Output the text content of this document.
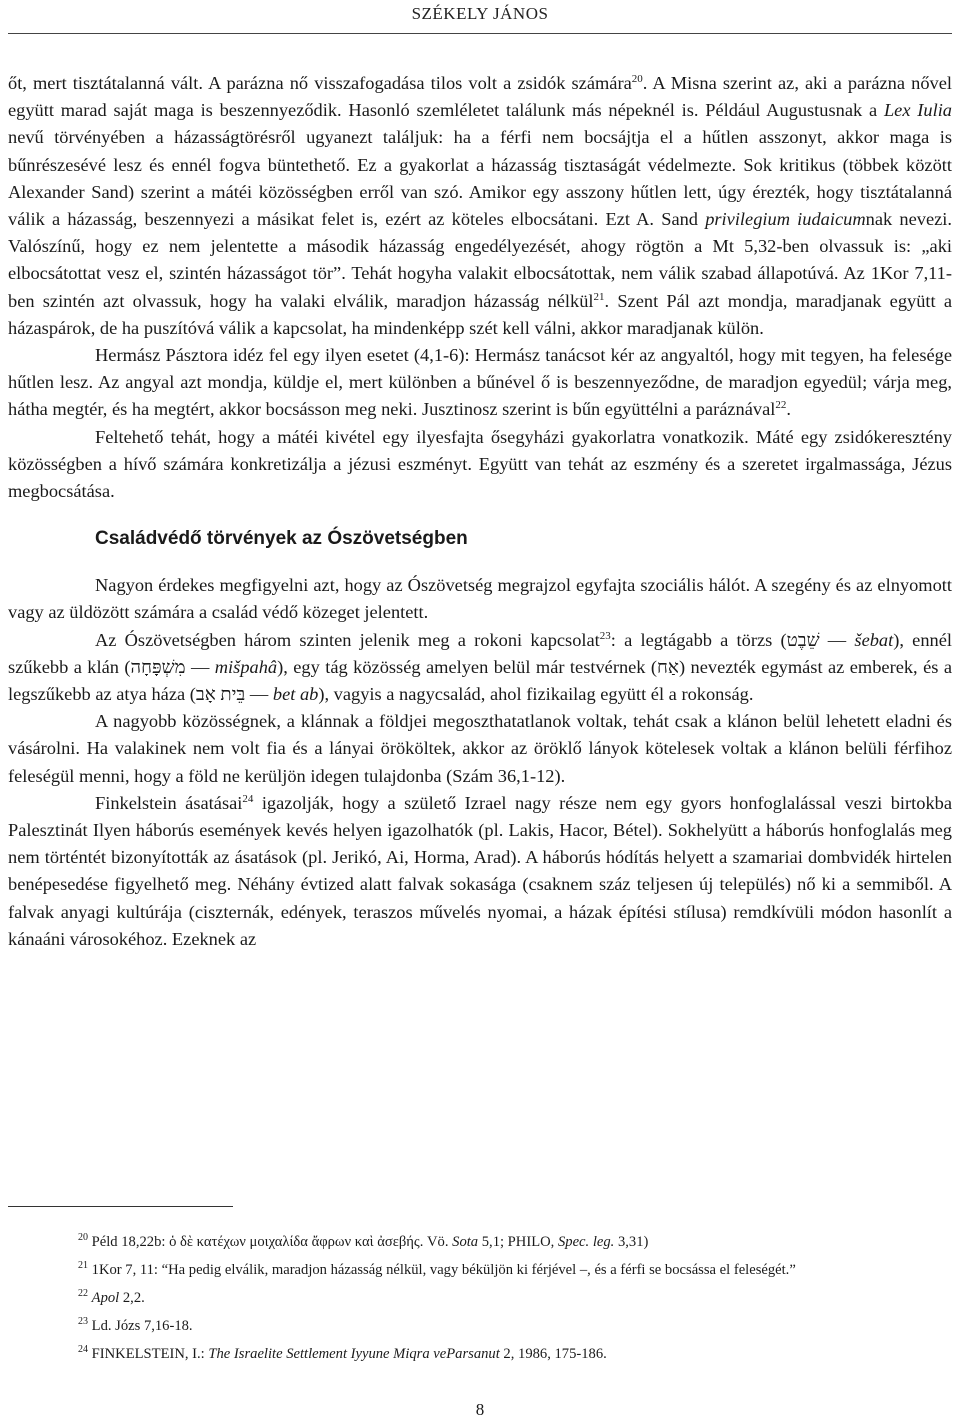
SZÉKELY JÁNOS

őt, mert tisztátalanná vált. A parázna nő visszafogadása tilos volt a zsidók számára$^{20}$. A Misna szerint az, aki a parázna nővel együtt marad saját maga is beszennyeződik. Hasonló szemléletet találunk más népeknél is. Például Augustusnak a Lex Iulia nevű törvényében a házasságtörésről ugyanezt találjuk: ha a férfi nem bocsájtja el a hűtlen asszonyt, akkor maga is bűnrészesévé lesz és ennél fogva büntethető. Ez a gyakorlat a házasság tisztaságát védelmezte. Sok kritikus (többek között Alexander Sand) szerint a mátéi közösségben erről van szó. Amikor egy asszony hűtlen lett, úgy érezték, hogy tisztátalanná válik a házasság, beszennyezi a másikat felet is, ezért az köteles elbocsátani. Ezt A. Sand privilegium iudaicumnak nevezi. Valószínű, hogy ez nem jelentette a második házasság engedélyezését, ahogy rögtön a Mt 5,32-ben olvassuk is: „aki elbocsátottat vesz el, szintén házasságot tör”. Tehát hogyha valakit elbocsátottak, nem válik szabad állapotúvá. Az 1Kor 7,11-ben szintén azt olvassuk, hogy ha valaki elválik, maradjon házasság nélkül$^{21}$. Szent Pál azt mondja, maradjanak együtt a házaspárok, de ha puszítóvá válik a kapcsolat, ha mindenképp szét kell válni, akkor maradjanak külön.

Hermász Pásztora idéz fel egy ilyen esetet (4,1-6): Hermász tanácsot kér az angyaltól, hogy mit tegyen, ha felesége hűtlen lesz. Az angyal azt mondja, küldje el, mert különben a bűnével ő is beszennyeződne, de maradjon egyedül; várja meg, hátha megtér, és ha megtért, akkor bocsásson meg neki. Jusztinosz szerint is bűn együttélni a paráznával$^{22}$.

Feltehető tehát, hogy a mátéi kivétel egy ilyesfajta ősegyházi gyakorlatra vonatkozik. Máté egy zsidókeresztény közösségben a hívő számára konkretizálja a jézusi eszményt. Együtt van tehát az eszmény és a szeretet irgalmassága, Jézus megbocsátása.

Családvédő törvények az Ószövetségben

Nagyon érdekes megfigyelni azt, hogy az Ószövetség megrajzol egyfajta szociális hálót. A szegény és az elnyomott vagy az üldözött számára a család védő közeget jelentett.

Az Ószövetségben három szinten jelenik meg a rokoni kapcsolat$^{23}$: a legtágabb a törzs (שֵׁבֶט — šebat), ennél szűkebb a klán (מִשְׁפָּחָה — mišpahâ), egy tág közösség amelyen belül már testvérnek (אַח) nevezték egymást az emberek, és a legszűkebb az atya háza (בֵּית אָב — bet ab), vagyis a nagycsalád, ahol fizikailag együtt él a rokonság.

A nagyobb közösségnek, a klánnak a földjei megoszthatatlanok voltak, tehát csak a klánon belül lehetett eladni és vásárolni. Ha valakinek nem volt fia és a lányai örököltek, akkor az öröklő lányok kötelesek voltak a klánon belüli férfihoz feleségül menni, hogy a föld ne kerüljön idegen tulajdonba (Szám 36,1-12).

Finkelstein ásatásai$^{24}$ igazolják, hogy a születő Izrael nagy része nem egy gyors honfoglalással veszi birtokba Palesztinát Ilyen háborús események kevés helyen igazolhatók (pl. Lakis, Hacor, Bétel). Sokhelyütt a háborús honfoglalás meg nem történtét bizonyították az ásatások (pl. Jerikó, Ai, Horma, Arad). A háborús hódítás helyett a szamariai dombvidék hirtelen benépesedése figyelhető meg. Néhány évtized alatt falvak sokasága (csaknem száz teljesen új település) nő ki a semmiből. A falvak anyagi kultúrája (ciszternák, edények, teraszos művelés nyomai, a házak építési stílusa) remdkívüli módon hasonlít a kánaáni városokéhoz. Ezeknek az

$^{20}$ Péld 18,22b: ὁ δὲ κατέχων μοιχαλίδα ἄφρων καὶ ἀσεβής. Vö. Sota 5,1; PHILO, Spec. leg. 3,31)

$^{21}$ 1Kor 7, 11: “Ha pedig elválik, maradjon házasság nélkül, vagy béküljön ki férjével –, és a férfi se bocsássa el feleségét.”

$^{22}$ Apol 2,2.

$^{23}$ Ld. Józs 7,16-18.

$^{24}$ FINKELSTEIN, I.: The Israelite Settlement Iyyune Miqra veParsanut 2, 1986, 175-186.

8
